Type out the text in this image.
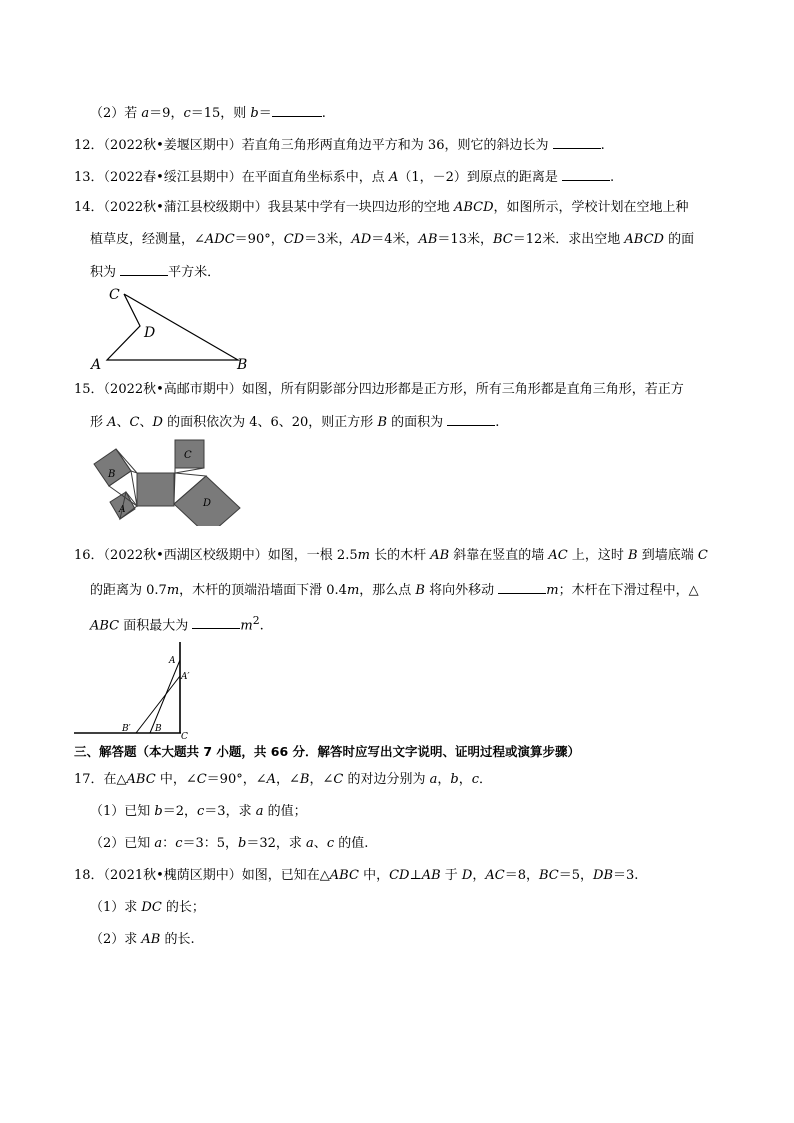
（2）若 a＝9，c＝15，则 b＝	.
12．（2022秋•姜堰区期中）若直角三角形两直角边平方和为 36，则它的斜边长为	.
13．（2022春•绥江县期中）在平面直角坐标系中，点 A（1，－2）到原点的距离是	.
14．（2022秋•蒲江县校级期中）我县某中学有一块四边形的空地 ABCD，如图所示，学校计划在空地上种
植草皮，经测量，∠ADC＝90°，CD＝3米，AD＝4米，AB＝13米，BC＝12米．求出空地 ABCD 的面
积为	平方米．
C
D
A	B
15．（2022秋•高邮市期中）如图，所有阴影部分四边形都是正方形，所有三角形都是直角三角形，若正方
形 A、C、D 的面积依次为 4、6、20，则正方形 B 的面积为	.
B
C
D
A
16．（2022秋•西湖区校级期中）如图，一根 2.5m 长的木杆 AB 斜靠在竖直的墙 AC 上，这时 B 到墙底端 C
的距离为 0.7m，木杆的顶端沿墙面下滑 0.4m，那么点 B 将向外移动	m；木杆在下滑过程中，△
ABC 面积最大为	$m^2$.
A
A′
B′	B
C
三、解答题（本大题共 7 小题，共 66 分．解答时应写出文字说明、证明过程或演算步骤）
17．在△ABC 中，∠C＝90°，∠A，∠B，∠C 的对边分别为 a，b，c．
（1）已知 b＝2，c＝3，求 a 的值；
（2）已知 a：c＝3：5，b＝32，求 a、c 的值.
18．（2021秋•槐荫区期中）如图，已知在△ABC 中，CD⊥AB 于 D，AC＝8，BC＝5，DB＝3.
（1）求 DC 的长；
（2）求 AB 的长.
